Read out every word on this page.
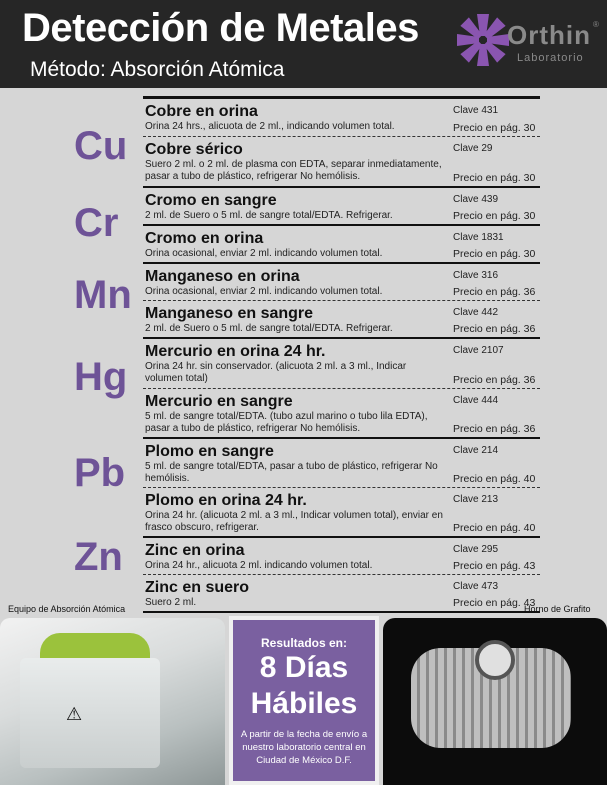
Detección de Metales
Método: Absorción Atómica
Orthin ®
Laboratorio
Cu
Cr
Mn
Hg
Pb
Zn
Cobre en orina
Orina 24 hrs., alicuota de 2 ml., indicando volumen total.
Clave 431
Precio en pág. 30
Cobre sérico
Suero 2 ml. o 2 ml. de plasma con EDTA, separar inmediatamente, pasar a tubo de plástico, refrigerar No hemólisis.
Clave 29
Precio en pág. 30
Cromo en sangre
2 ml. de Suero o 5 ml. de sangre total/EDTA. Refrigerar.
Clave 439
Precio en pág. 30
Cromo en orina
Orina ocasional, enviar 2 ml. indicando volumen total.
Clave 1831
Precio en pág. 30
Manganeso en orina
Orina ocasional, enviar 2 ml. indicando volumen total.
Clave 316
Precio en pág. 36
Manganeso en sangre
2 ml. de Suero o 5 ml. de sangre total/EDTA. Refrigerar.
Clave 442
Precio en pág. 36
Mercurio en orina 24 hr.
Orina 24 hr. sin conservador. (alicuota 2 ml. a 3 ml., Indicar volumen total)
Clave 2107
Precio en pág. 36
Mercurio en sangre
5 ml. de sangre total/EDTA. (tubo azul marino o tubo lila EDTA), pasar a tubo de plástico, refrigerar No hemólisis.
Clave 444
Precio en pág. 36
Plomo en sangre
5 ml. de sangre total/EDTA, pasar a tubo de plástico, refrigerar No hemólisis.
Clave 214
Precio en pág. 40
Plomo en orina 24 hr.
Orina 24 hr. (alicuota 2 ml. a 3 ml., Indicar volumen total), enviar en frasco obscuro, refrigerar.
Clave 213
Precio en pág. 40
Zinc en orina
Orina 24 hr., alicuota 2 ml. indicando volumen total.
Clave 295
Precio en pág. 43
Zinc en suero
Suero 2 ml.
Clave 473
Precio en pág. 43
Equipo de Absorción Atómica	Horno de Grafito
⚠
Resultados en:
8 Días
Hábiles
A partir de la fecha de envío a nuestro laboratorio central en Ciudad de México D.F.
